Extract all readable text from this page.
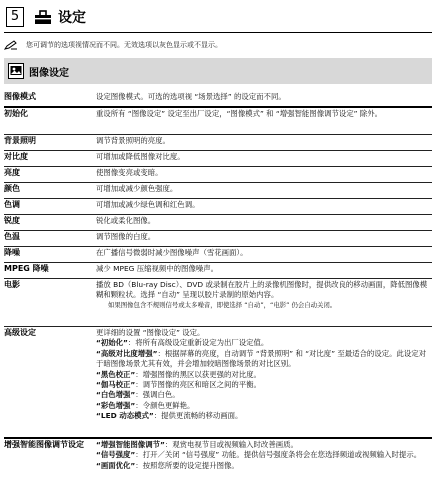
5	设定
您可调节的选项视情况而不同。无效选项以灰色显示或不显示。
图像设定
图像模式	设定图像模式。可选的选项视 “场景选择” 的设定而不同。
初始化	重设所有 “图像设定” 设定至出厂设定，“图像模式” 和 “增强智能图像调节设定” 除外。
背景照明	调节背景照明的亮度。
对比度	可增加或降低图像对比度。
亮度	使图像变亮或变暗。
颜色	可增加或减少颜色强度。
色调	可增加或减少绿色调和红色调。
锐度	锐化或柔化图像。
色温	调节图像的白度。
降噪	在广播信号微弱时减少图像噪声（雪花画面）。
MPEG 降噪	减少 MPEG 压缩视频中的图像噪声。
电影	播放 BD（Blu-ray Disc）、DVD 或录制在胶片上的录像机图像时，提供改良的移动画面，降低图像模糊和颗粒状。选择 “自动” 呈现以胶片录制的原始内容。
如果图像包含不规则信号或太多噪音，即使选择 “自动”，“电影” 仍会自动关闭。
高级设定	更详细的设置 “图像设定” 设定。
“初始化”：将所有高级设定重新设定为出厂设定值。
“高级对比度增强”：根据屏幕的亮度，自动调节 “背景照明” 和 “对比度” 至最适合的设定。此设定对于暗图像场景尤其有效，并会增加较暗图像场景的对比区别。
“黑色校正”：增强图像的黑区以获更强的对比度。
“伽马校正”：调节图像的亮区和暗区之间的平衡。
“白色增强”：强调白色。
“彩色增强”：令颜色更鲜艳。
“LED 动态模式”：提供更流畅的移动画面。
增强智能图像调节设定	“增强智能图像调节”：观赏电视节目或视频输入时改善画质。
“信号强度”：打开／关闭 “信号强度” 功能。提供信号强度条将会在您选择频道或视频输入时提示。
“画面优化”：按照您所要的设定提升图像。
